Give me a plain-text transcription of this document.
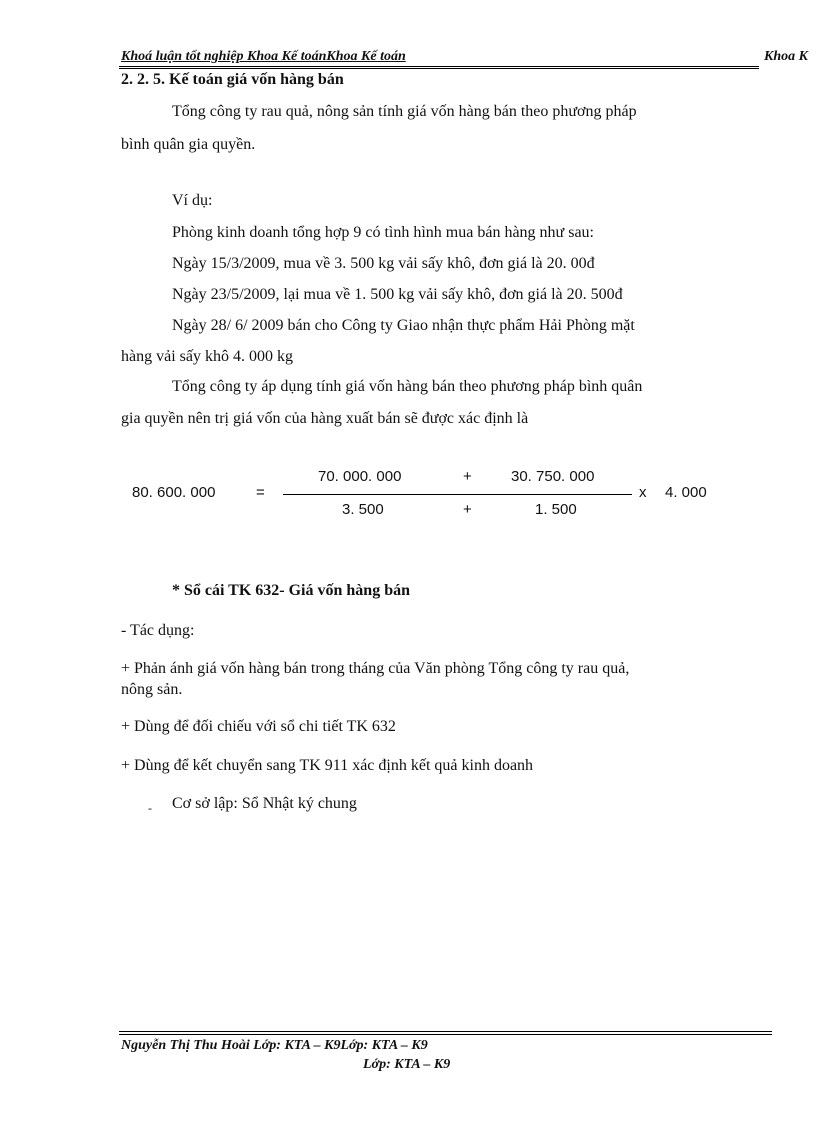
Khoá luận tốt nghiệp Khoa Kế toánKhoa Kế toán	Khoa K
2. 2. 5. Kế toán giá vốn hàng bán
Tổng công ty rau quả, nông sản tính giá vốn hàng bán theo phương pháp
bình quân gia quyền.
Ví dụ:
Phòng kinh doanh tổng hợp 9 có tình hình mua bán hàng như sau:
Ngày 15/3/2009, mua về 3. 500 kg vải sấy khô, đơn giá là 20. 00đ
Ngày 23/5/2009, lại mua về 1. 500 kg vải sấy khô, đơn giá là 20. 500đ
Ngày 28/ 6/ 2009 bán cho Công ty Giao nhận thực phẩm Hải Phòng mặt
hàng vải sấy khô 4. 000 kg
Tổng công ty áp dụng tính giá vốn hàng bán theo phương pháp bình quân
gia quyền nên trị giá vốn của hàng xuất bán sẽ được xác định là
80. 600. 000	=
70. 000. 000	+	30. 750. 000
3. 500	+	1. 500
x 4. 000
* Sổ cái TK 632- Giá vốn hàng bán
- Tác dụng:
+ Phản ánh giá vốn hàng bán trong tháng của Văn phòng Tổng công ty rau quả,
nông sản.
+ Dùng để đối chiếu với sổ chi tiết TK 632
+ Dùng để kết chuyển sang TK 911 xác định kết quả kinh doanh
- Cơ sở lập: Sổ Nhật ký chung
Nguyễn Thị Thu Hoài Lớp: KTA – K9Lớp: KTA – K9
Lớp: KTA – K9
